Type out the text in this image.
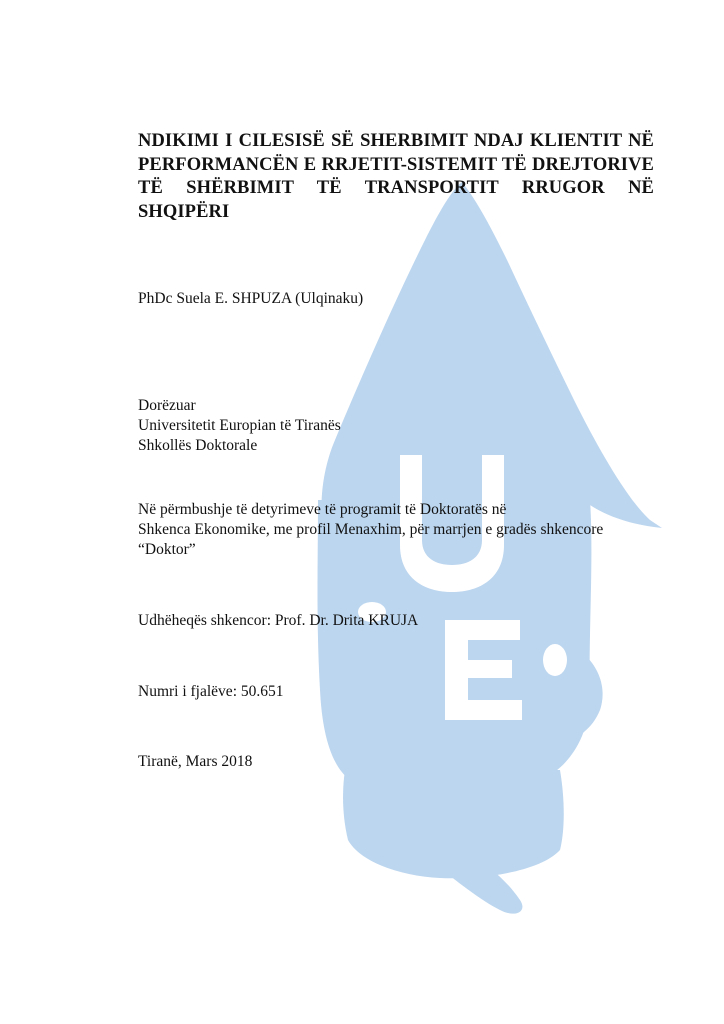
NDIKIMI I CILESISË SË SHERBIMIT NDAJ KLIENTIT NË PERFORMANCËN E RRJETIT-SISTEMIT TË DREJTORIVE TË SHËRBIMIT TË TRANSPORTIT RRUGOR NË SHQIPËRI

PhDc Suela E. SHPUZA (Ulqinaku)

Dorëzuar

Universitetit Europian të Tiranës

Shkollës Doktorale

Në përmbushje të detyrimeve të programit të Doktoratës në

Shkenca Ekonomike, me profil Menaxhim, për marrjen e gradës shkencore

“Doktor”

Udhëheqës shkencor: Prof. Dr. Drita KRUJA

Numri i fjalëve: 50.651

Tiranë, Mars 2018
